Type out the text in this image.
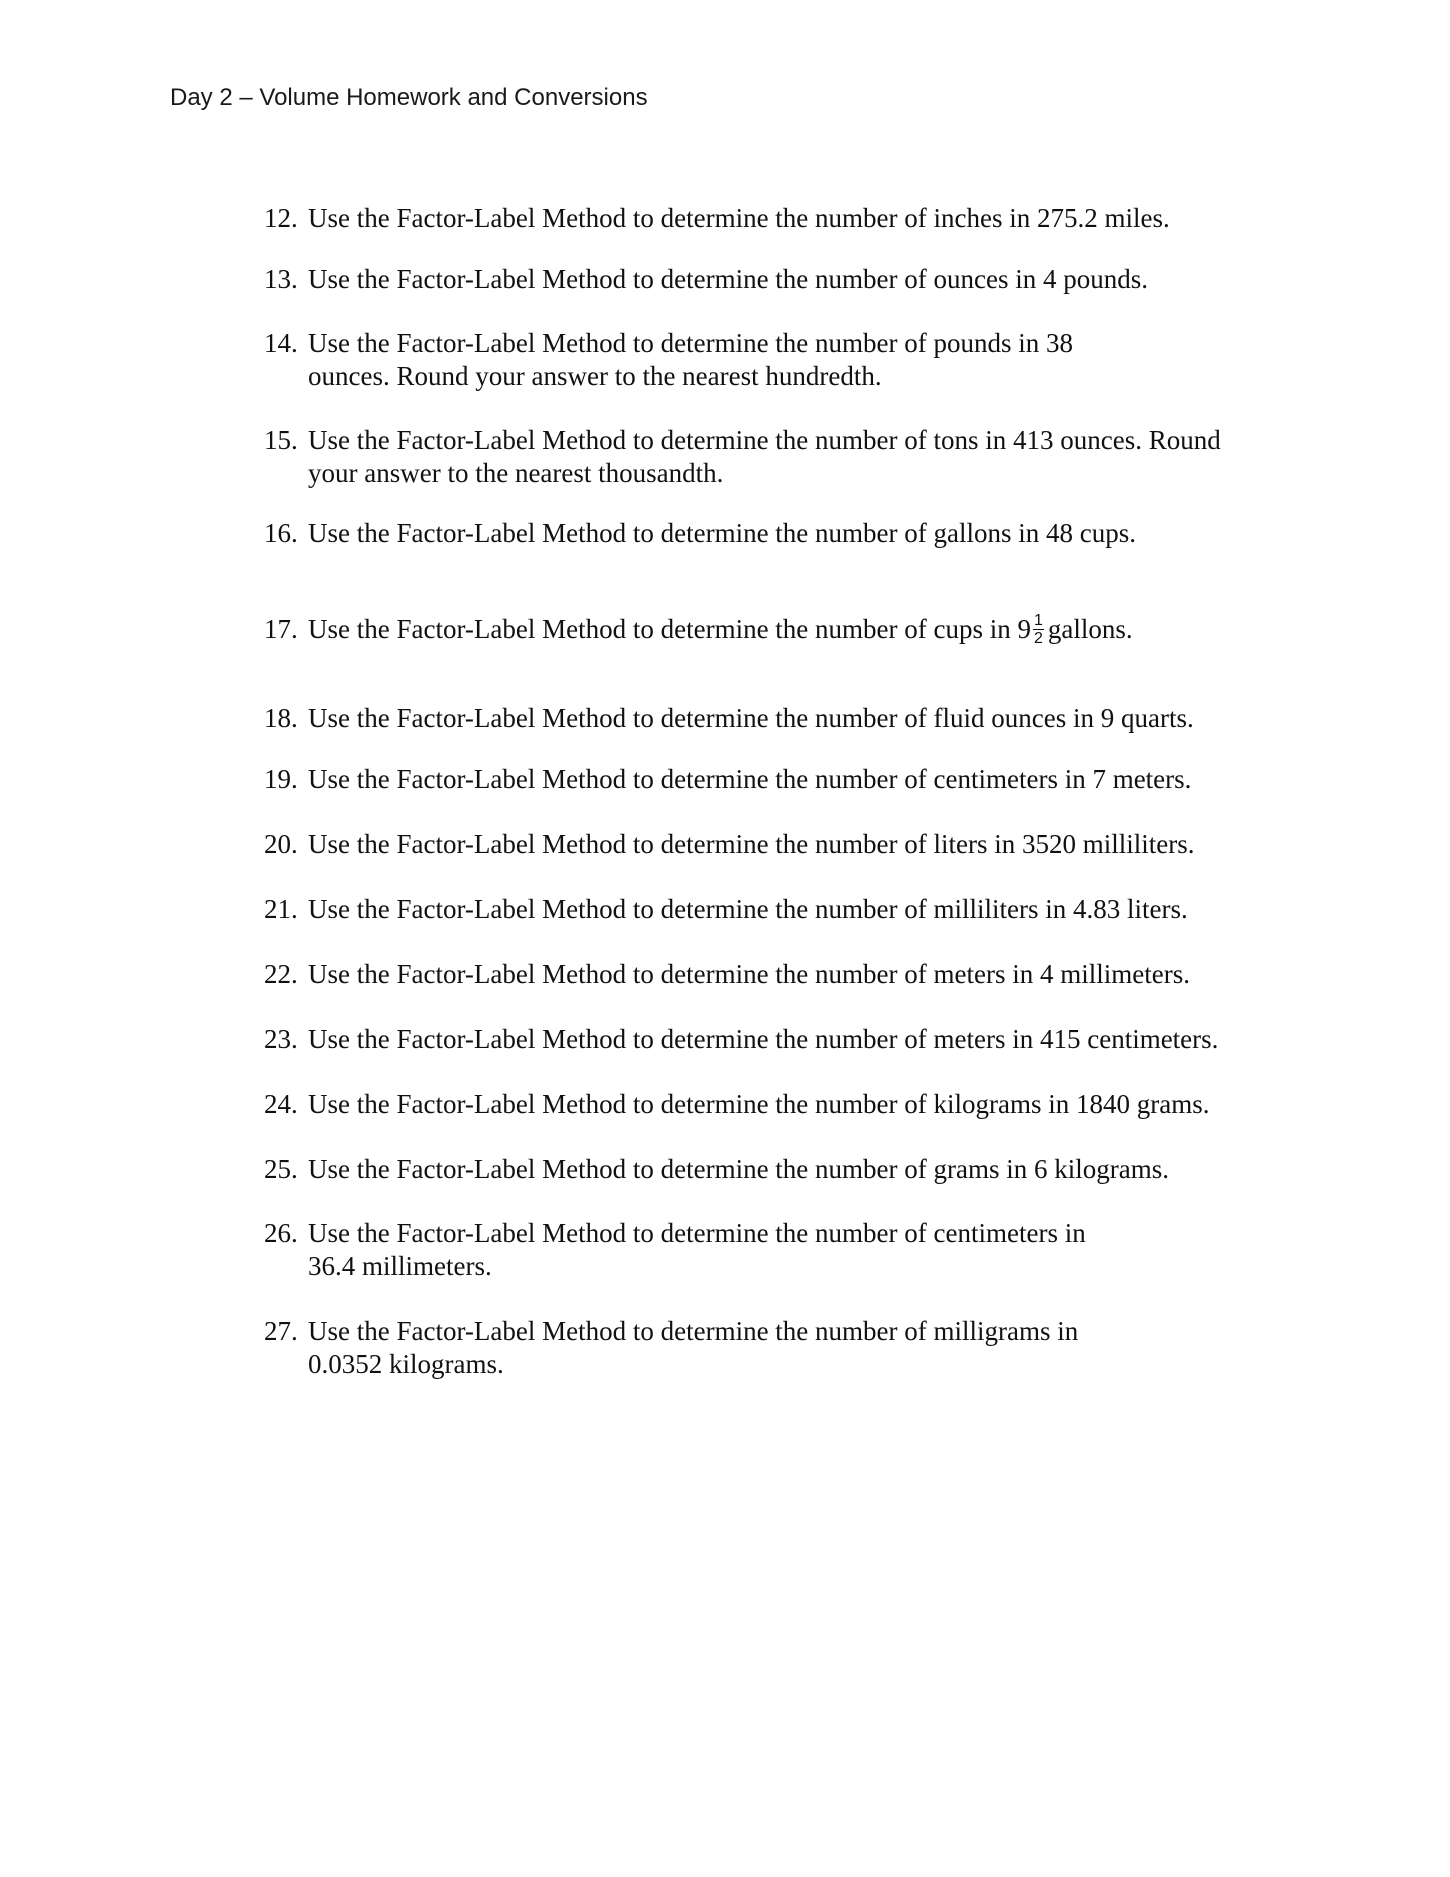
Day 2 – Volume Homework and Conversions
12. Use the Factor-Label Method to determine the number of inches in 275.2 miles.
13. Use the Factor-Label Method to determine the number of ounces in 4 pounds.
14. Use the Factor-Label Method to determine the number of pounds in 38
ounces. Round your answer to the nearest hundredth.
15. Use the Factor-Label Method to determine the number of tons in 413 ounces. Round
your answer to the nearest thousandth.
16. Use the Factor-Label Method to determine the number of gallons in 48 cups.
17. Use the Factor-Label Method to determine the number of cups in $9 \frac{1}{2}$ gallons.
18. Use the Factor-Label Method to determine the number of fluid ounces in 9 quarts.
19. Use the Factor-Label Method to determine the number of centimeters in 7 meters.
20. Use the Factor-Label Method to determine the number of liters in 3520 milliliters.
21. Use the Factor-Label Method to determine the number of milliliters in 4.83 liters.
22. Use the Factor-Label Method to determine the number of meters in 4 millimeters.
23. Use the Factor-Label Method to determine the number of meters in 415 centimeters.
24. Use the Factor-Label Method to determine the number of kilograms in 1840 grams.
25. Use the Factor-Label Method to determine the number of grams in 6 kilograms.
26. Use the Factor-Label Method to determine the number of centimeters in
36.4 millimeters.
27. Use the Factor-Label Method to determine the number of milligrams in
0.0352 kilograms.
